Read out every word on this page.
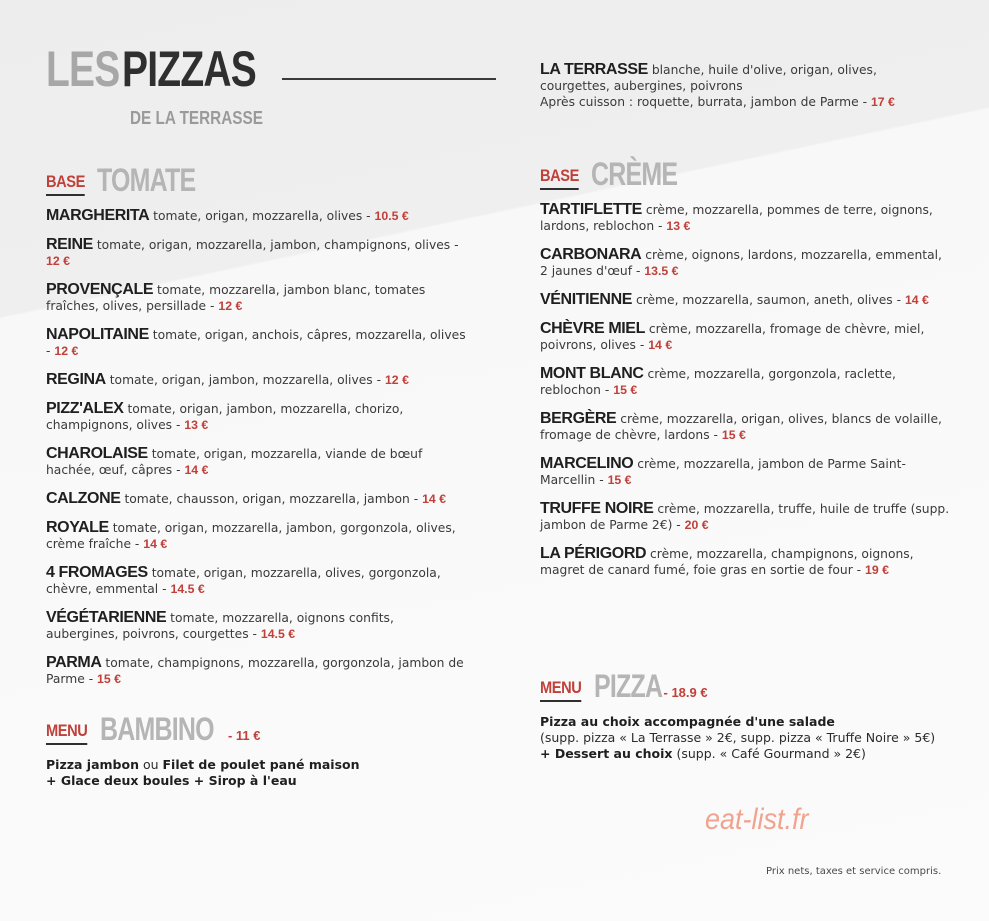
LES PIZZAS
DE LA TERRASSE
BASE TOMATE
MARGHERITA tomate, origan, mozzarella, olives - 10.5 €
REINE tomate, origan, mozzarella, jambon, champignons, olives - 12 €
PROVENÇALE tomate, mozzarella, jambon blanc, tomates fraîches, olives, persillade - 12 €
NAPOLITAINE tomate, origan, anchois, câpres, mozzarella, olives - 12 €
REGINA tomate, origan, jambon, mozzarella, olives - 12 €
PIZZ'ALEX tomate, origan, jambon, mozzarella, chorizo, champignons, olives - 13 €
CHAROLAISE tomate, origan, mozzarella, viande de bœuf hachée, œuf, câpres - 14 €
CALZONE tomate, chausson, origan, mozzarella, jambon - 14 €
ROYALE tomate, origan, mozzarella, jambon, gorgonzola, olives, crème fraîche - 14 €
4 FROMAGES tomate, origan, mozzarella, olives, gorgonzola, chèvre, emmental - 14.5 €
VÉGÉTARIENNE tomate, mozzarella, oignons confits, aubergines, poivrons, courgettes - 14.5 €
PARMA tomate, champignons, mozzarella, gorgonzola, jambon de Parme - 15 €
MENU BAMBINO - 11 €
Pizza jambon ou Filet de poulet pané maison
+ Glace deux boules + Sirop à l'eau
LA TERRASSE blanche, huile d'olive, origan, olives, courgettes, aubergines, poivrons
Après cuisson : roquette, burrata, jambon de Parme - 17 €
BASE CRÈME
TARTIFLETTE crème, mozzarella, pommes de terre, oignons, lardons, reblochon - 13 €
CARBONARA crème, oignons, lardons, mozzarella, emmental, 2 jaunes d'œuf - 13.5 €
VÉNITIENNE crème, mozzarella, saumon, aneth, olives - 14 €
CHÈVRE MIEL crème, mozzarella, fromage de chèvre, miel, poivrons, olives - 14 €
MONT BLANC crème, mozzarella, gorgonzola, raclette, reblochon - 15 €
BERGÈRE crème, mozzarella, origan, olives, blancs de volaille, fromage de chèvre, lardons - 15 €
MARCELINO crème, mozzarella, jambon de Parme Saint-Marcellin - 15 €
TRUFFE NOIRE crème, mozzarella, truffe, huile de truffe (supp. jambon de Parme 2€) - 20 €
LA PÉRIGORD crème, mozzarella, champignons, oignons, magret de canard fumé, foie gras en sortie de four - 19 €
MENU PIZZA - 18.9 €
Pizza au choix accompagnée d'une salade
(supp. pizza « La Terrasse » 2€, supp. pizza « Truffe Noire » 5€)
+ Dessert au choix (supp. « Café Gourmand » 2€)
eat-list.fr
Prix nets, taxes et service compris.
